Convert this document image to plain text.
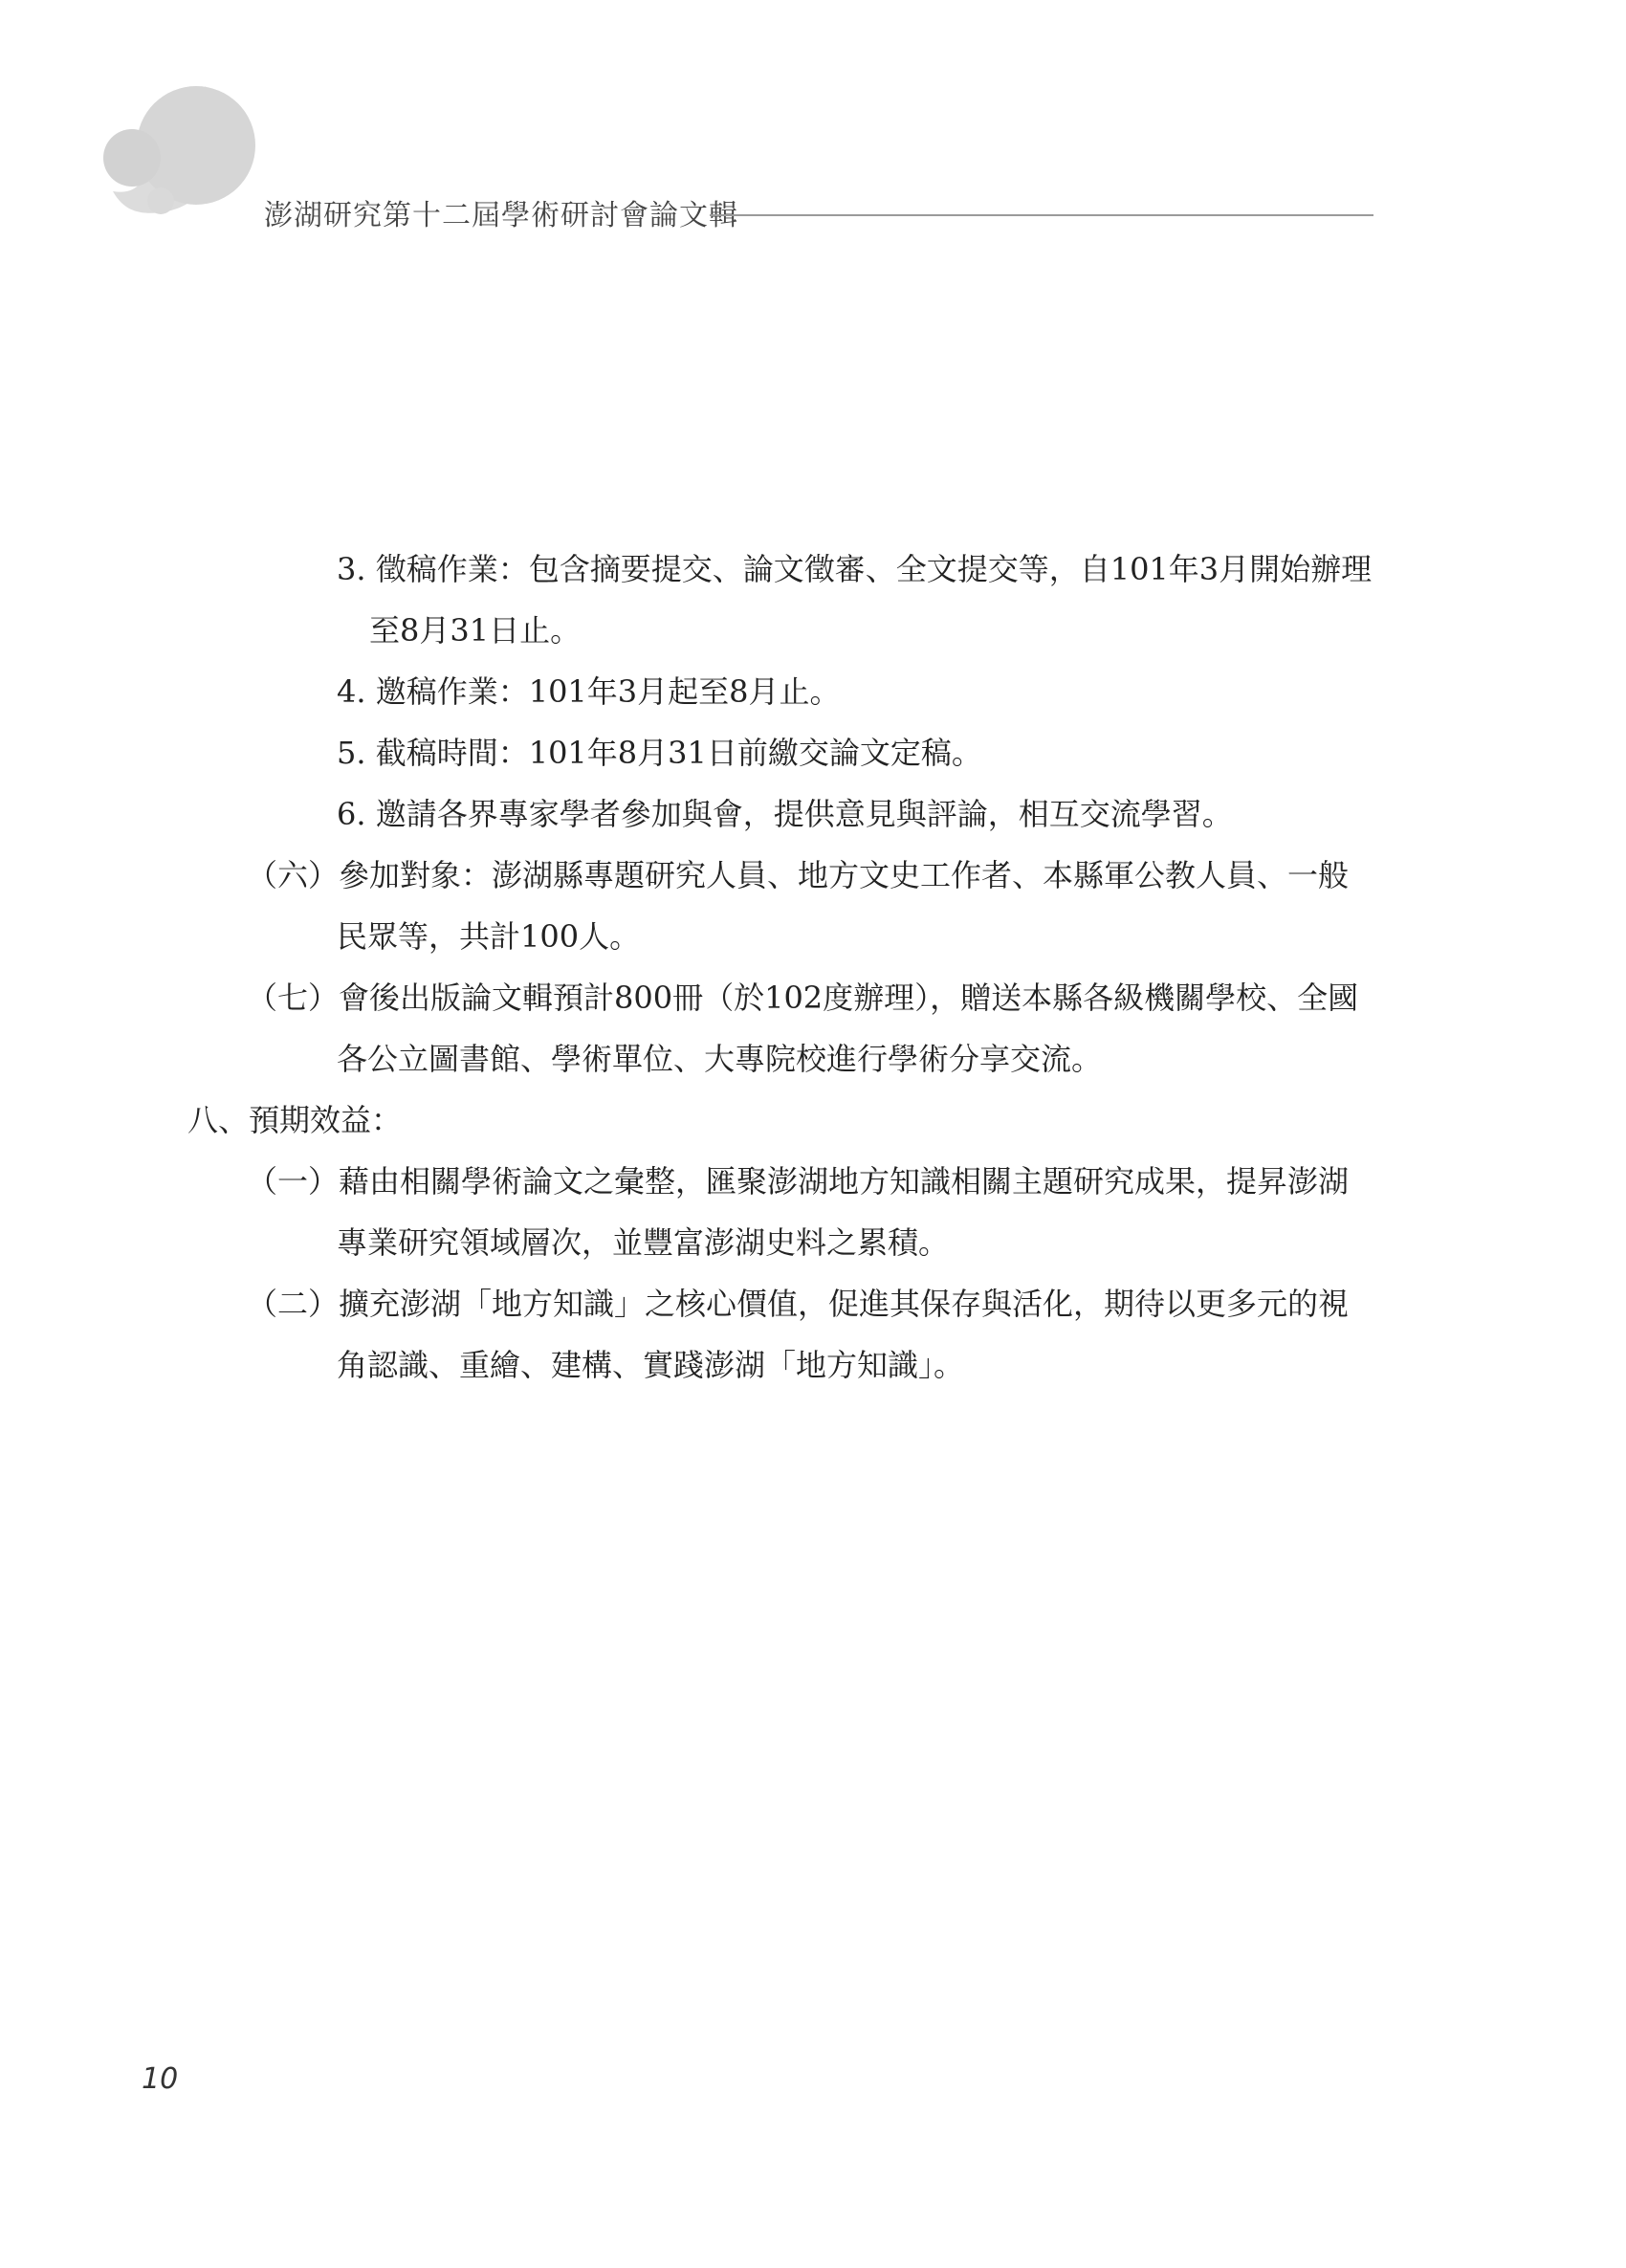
澎湖研究第十二屆學術研討會論文輯
3. 徵稿作業：包含摘要提交、論文徵審、全文提交等，自101年3月開始辦理
至8月31日止。
4. 邀稿作業：101年3月起至8月止。
5. 截稿時間：101年8月31日前繳交論文定稿。
6. 邀請各界專家學者參加與會，提供意見與評論，相互交流學習。
（六）參加對象：澎湖縣專題研究人員、地方文史工作者、本縣軍公教人員、一般
民眾等，共計100人。
（七）會後出版論文輯預計800冊（於102度辦理），贈送本縣各級機關學校、全國
各公立圖書館、學術單位、大專院校進行學術分享交流。
八、預期效益：
（一）藉由相關學術論文之彙整，匯聚澎湖地方知識相關主題研究成果，提昇澎湖
專業研究領域層次，並豐富澎湖史料之累積。
（二）擴充澎湖「地方知識」之核心價值，促進其保存與活化，期待以更多元的視
角認識、重繪、建構、實踐澎湖「地方知識」。
10
